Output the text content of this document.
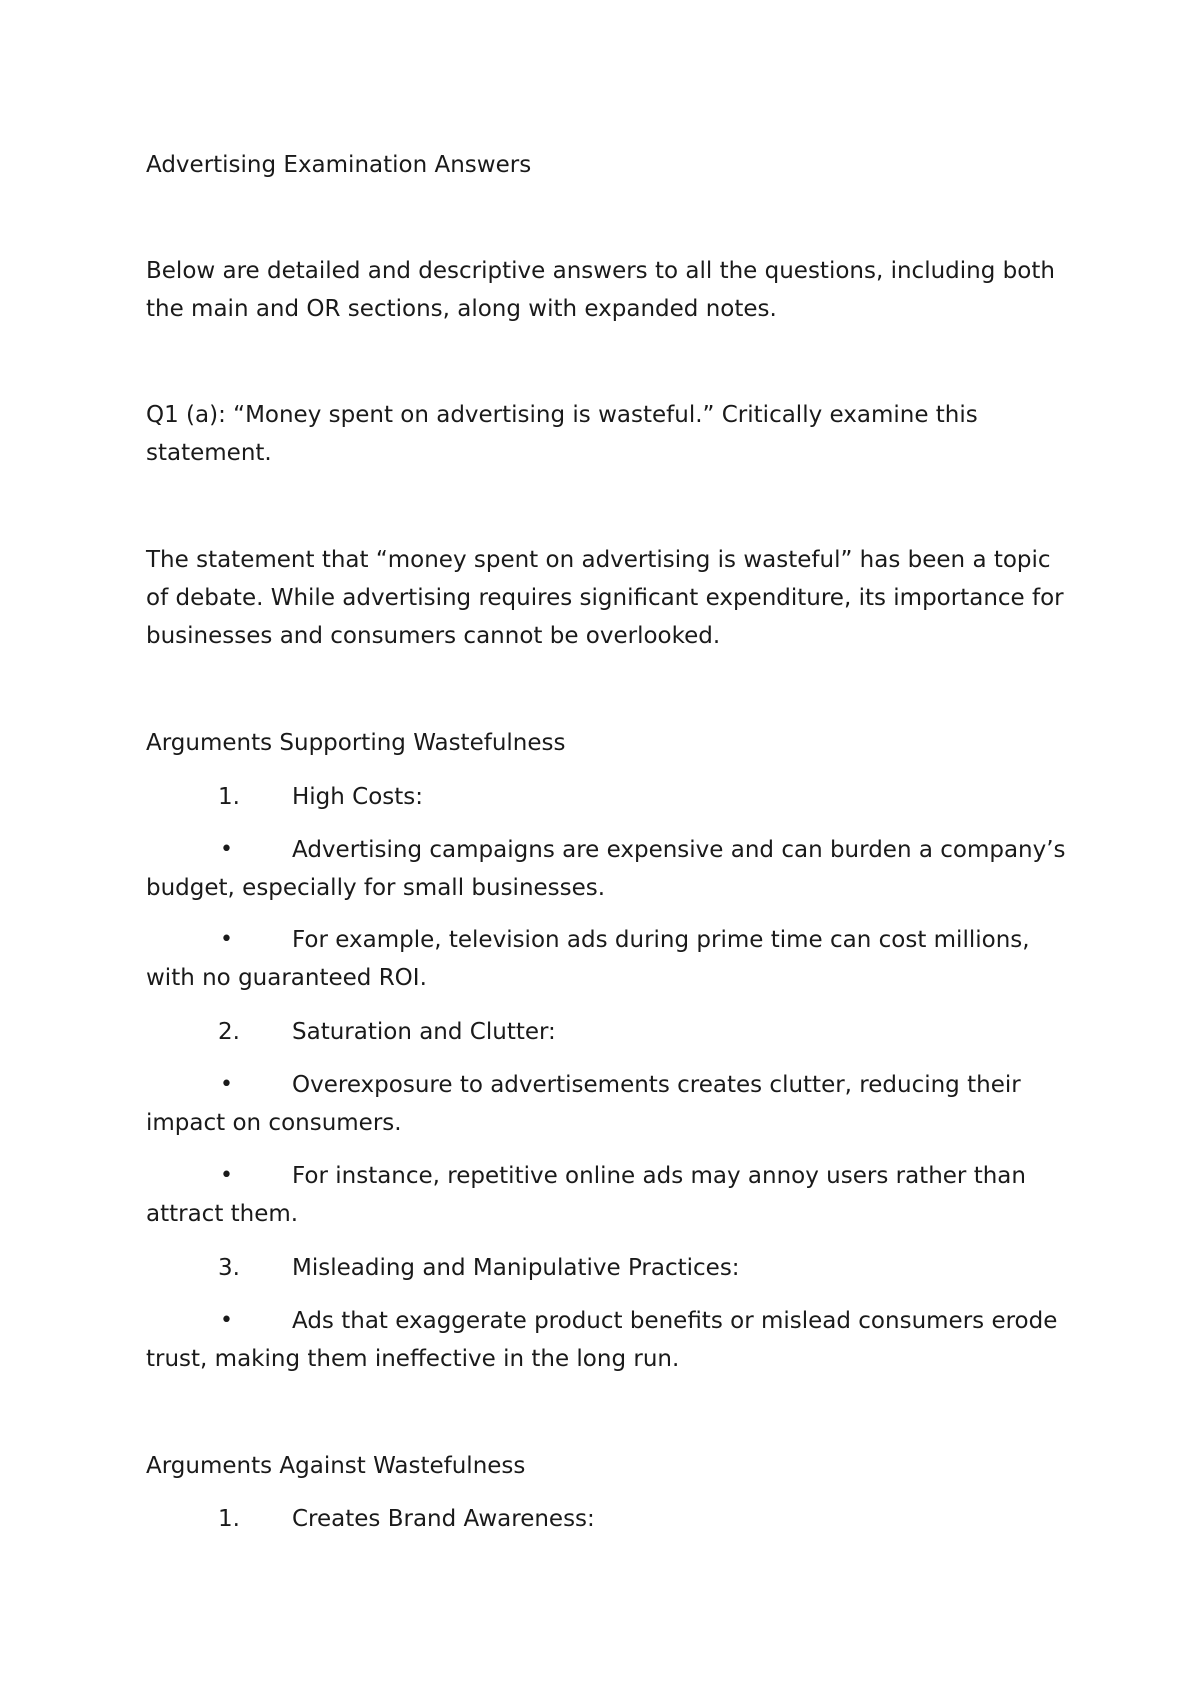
Advertising Examination Answers

Below are detailed and descriptive answers to all the questions, including both

the main and OR sections, along with expanded notes.

Q1 (a): “Money spent on advertising is wasteful.” Critically examine this

statement.

The statement that “money spent on advertising is wasteful” has been a topic

of debate. While advertising requires significant expenditure, its importance for

businesses and consumers cannot be overlooked.

Arguments Supporting Wastefulness

1. High Costs:
•	Advertising campaigns are expensive and can burden a company’s

budget, especially for small businesses.

•	For example, television ads during prime time can cost millions,

with no guaranteed ROI.

2. Saturation and Clutter:
•	Overexposure to advertisements creates clutter, reducing their

impact on consumers.

•	For instance, repetitive online ads may annoy users rather than

attract them.

3. Misleading and Manipulative Practices:
•	Ads that exaggerate product benefits or mislead consumers erode

trust, making them ineffective in the long run.

Arguments Against Wastefulness

1. Creates Brand Awareness:
